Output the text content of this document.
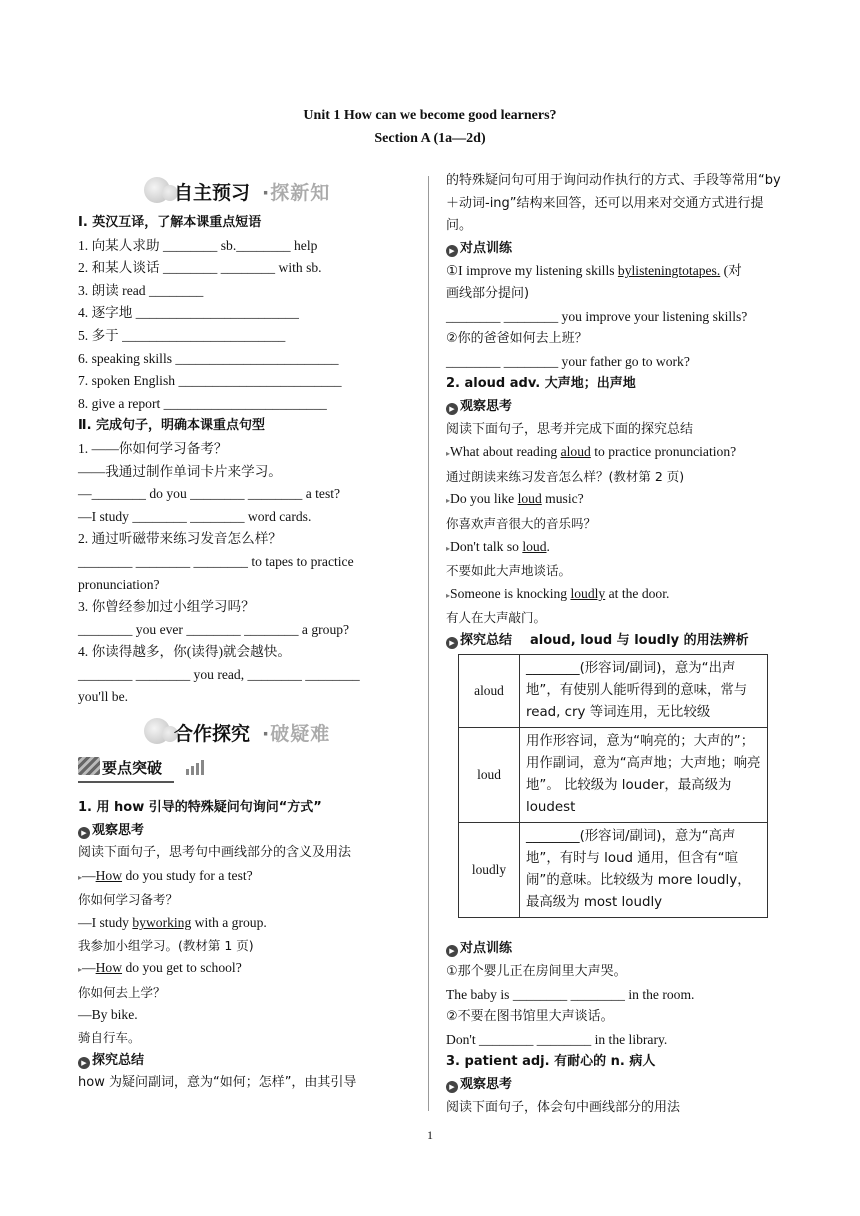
Unit 1 How can we become good learners?
Section A (1a—2d)
自主预习 ·探新知
Ⅰ. 英汉互译，了解本课重点短语
1. 向某人求助 ________ sb.________ help
2. 和某人谈话 ________ ________ with sb.
3. 朗读 read ________
4. 逐字地 ________________________
5. 多于 ________________________
6. speaking skills ________________________
7. spoken English ________________________
8. give a report ________________________
Ⅱ. 完成句子，明确本课重点句型
1. ——你如何学习备考？
——我通过制作单词卡片来学习。
—________ do you ________ ________ a test?
—I study ________ ________ word cards.
2. 通过听磁带来练习发音怎么样？
________ ________ ________ to tapes to practice
pronunciation?
3. 你曾经参加过小组学习吗？
________ you ever ________ ________ a group?
4. 你读得越多，你(读得)就会越快。
________ ________ you read, ________ ________
you'll be.
合作探究 ·破疑难
要点突破
1. 用 how 引导的特殊疑问句询问“方式”
▶ 观察思考
阅读下面句子，思考句中画线部分的含义及用法
▸—How do you study for a test?
你如何学习备考？
—I study byworking with a group.
我参加小组学习。(教材第 1 页)
▸—How do you get to school?
你如何去上学？
—By bike.
骑自行车。
▶ 探究总结
how 为疑问副词，意为“如何；怎样”，由其引导
的特殊疑问句可用于询问动作执行的方式、手段等常用“by＋动词-ing”结构来回答，还可以用来对交通方式进行提问。
▶ 对点训练
①I improve my listening skills bylisteningtotapes. (对
画线部分提问)
________ ________ you improve your listening skills?
②你的爸爸如何去上班？
________ ________ your father go to work?
2. aloud adv. 大声地；出声地
▶ 观察思考
阅读下面句子，思考并完成下面的探究总结
▸What about reading aloud to practice pronunciation?
通过朗读来练习发音怎么样？(教材第 2 页)
▸Do you like loud music?
你喜欢声音很大的音乐吗？
▸Don't talk so loud.
不要如此大声地谈话。
▸Someone is knocking loudly at the door.
有人在大声敲门。
▶ 探究总结 aloud, loud 与 loudly 的用法辨析
aloud	________(形容词/副词)，意为“出声地”，有使别人能听得到的意味，常与 read, cry 等词连用，无比较级
loud	用作形容词，意为“响亮的；大声的”；用作副词，意为“高声地；大声地；响亮地”。 比较级为 louder，最高级为 loudest
loudly	________(形容词/副词)，意为“高声地”，有时与 loud 通用，但含有“喧闹”的意味。比较级为 more loudly，最高级为 most loudly
▶ 对点训练
①那个婴儿正在房间里大声哭。
The baby is ________ ________ in the room.
②不要在图书馆里大声谈话。
Don't ________ ________ in the library.
3. patient adj. 有耐心的 n. 病人
▶ 观察思考
阅读下面句子，体会句中画线部分的用法
1
